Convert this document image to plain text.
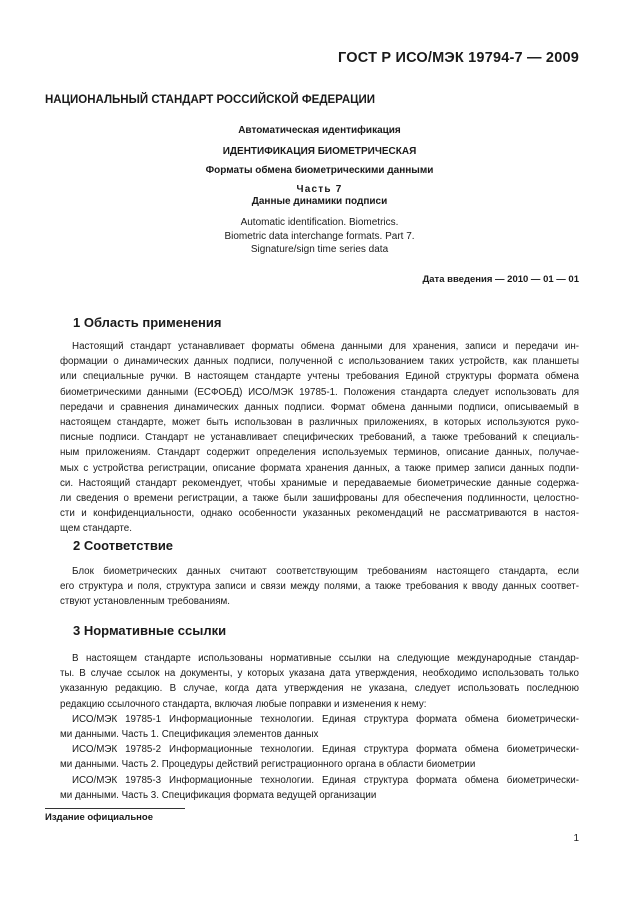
ГОСТ Р ИСО/МЭК 19794-7 — 2009
НАЦИОНАЛЬНЫЙ СТАНДАРТ РОССИЙСКОЙ ФЕДЕРАЦИИ
Автоматическая идентификация
ИДЕНТИФИКАЦИЯ БИОМЕТРИЧЕСКАЯ
Форматы обмена биометрическими данными
Часть 7
Данные динамики подписи
Automatic identification. Biometrics.
Biometric data interchange formats. Part 7.
Signature/sign time series data
Дата введения — 2010 — 01 — 01
1 Область применения
Настоящий стандарт устанавливает форматы обмена данными для хранения, записи и передачи ин-
формации о динамических данных подписи, полученной с использованием таких устройств, как планшеты
или специальные ручки. В настоящем стандарте учтены требования Единой структуры формата обмена
биометрическими данными (ЕСФОБД) ИСО/МЭК 19785-1. Положения стандарта следует использовать для
передачи и сравнения динамических данных подписи. Формат обмена данными подписи, описываемый в
настоящем стандарте, может быть использован в различных приложениях, в которых используются руко-
писные подписи. Стандарт не устанавливает специфических требований, а также требований к специаль-
ным приложениям. Стандарт содержит определения используемых терминов, описание данных, получае-
мых с устройства регистрации, описание формата хранения данных, а также пример записи данных подпи-
си. Настоящий стандарт рекомендует, чтобы хранимые и передаваемые биометрические данные содержа-
ли сведения о времени регистрации, а также были зашифрованы для обеспечения подлинности, целостно-
сти и конфиденциальности, однако особенности указанных рекомендаций не рассматриваются в настоя-
щем стандарте.
2 Соответствие
Блок биометрических данных считают соответствующим требованиям настоящего стандарта, если
его структура и поля, структура записи и связи между полями, а также требования к вводу данных соответ-
ствуют установленным требованиям.
3 Нормативные ссылки
В настоящем стандарте использованы нормативные ссылки на следующие международные стандар-
ты. В случае ссылок на документы, у которых указана дата утверждения, необходимо использовать только
указанную редакцию. В случае, когда дата утверждения не указана, следует использовать последнюю
редакцию ссылочного стандарта, включая любые поправки и изменения к нему:
ИСО/МЭК 19785-1 Информационные технологии. Единая структура формата обмена биометрически-
ми данными. Часть 1. Спецификация элементов данных
ИСО/МЭК 19785-2 Информационные технологии. Единая структура формата обмена биометрически-
ми данными. Часть 2. Процедуры действий регистрационного органа в области биометрии
ИСО/МЭК 19785-3 Информационные технологии. Единая структура формата обмена биометрически-
ми данными. Часть 3. Спецификация формата ведущей организации
Издание официальное
1
